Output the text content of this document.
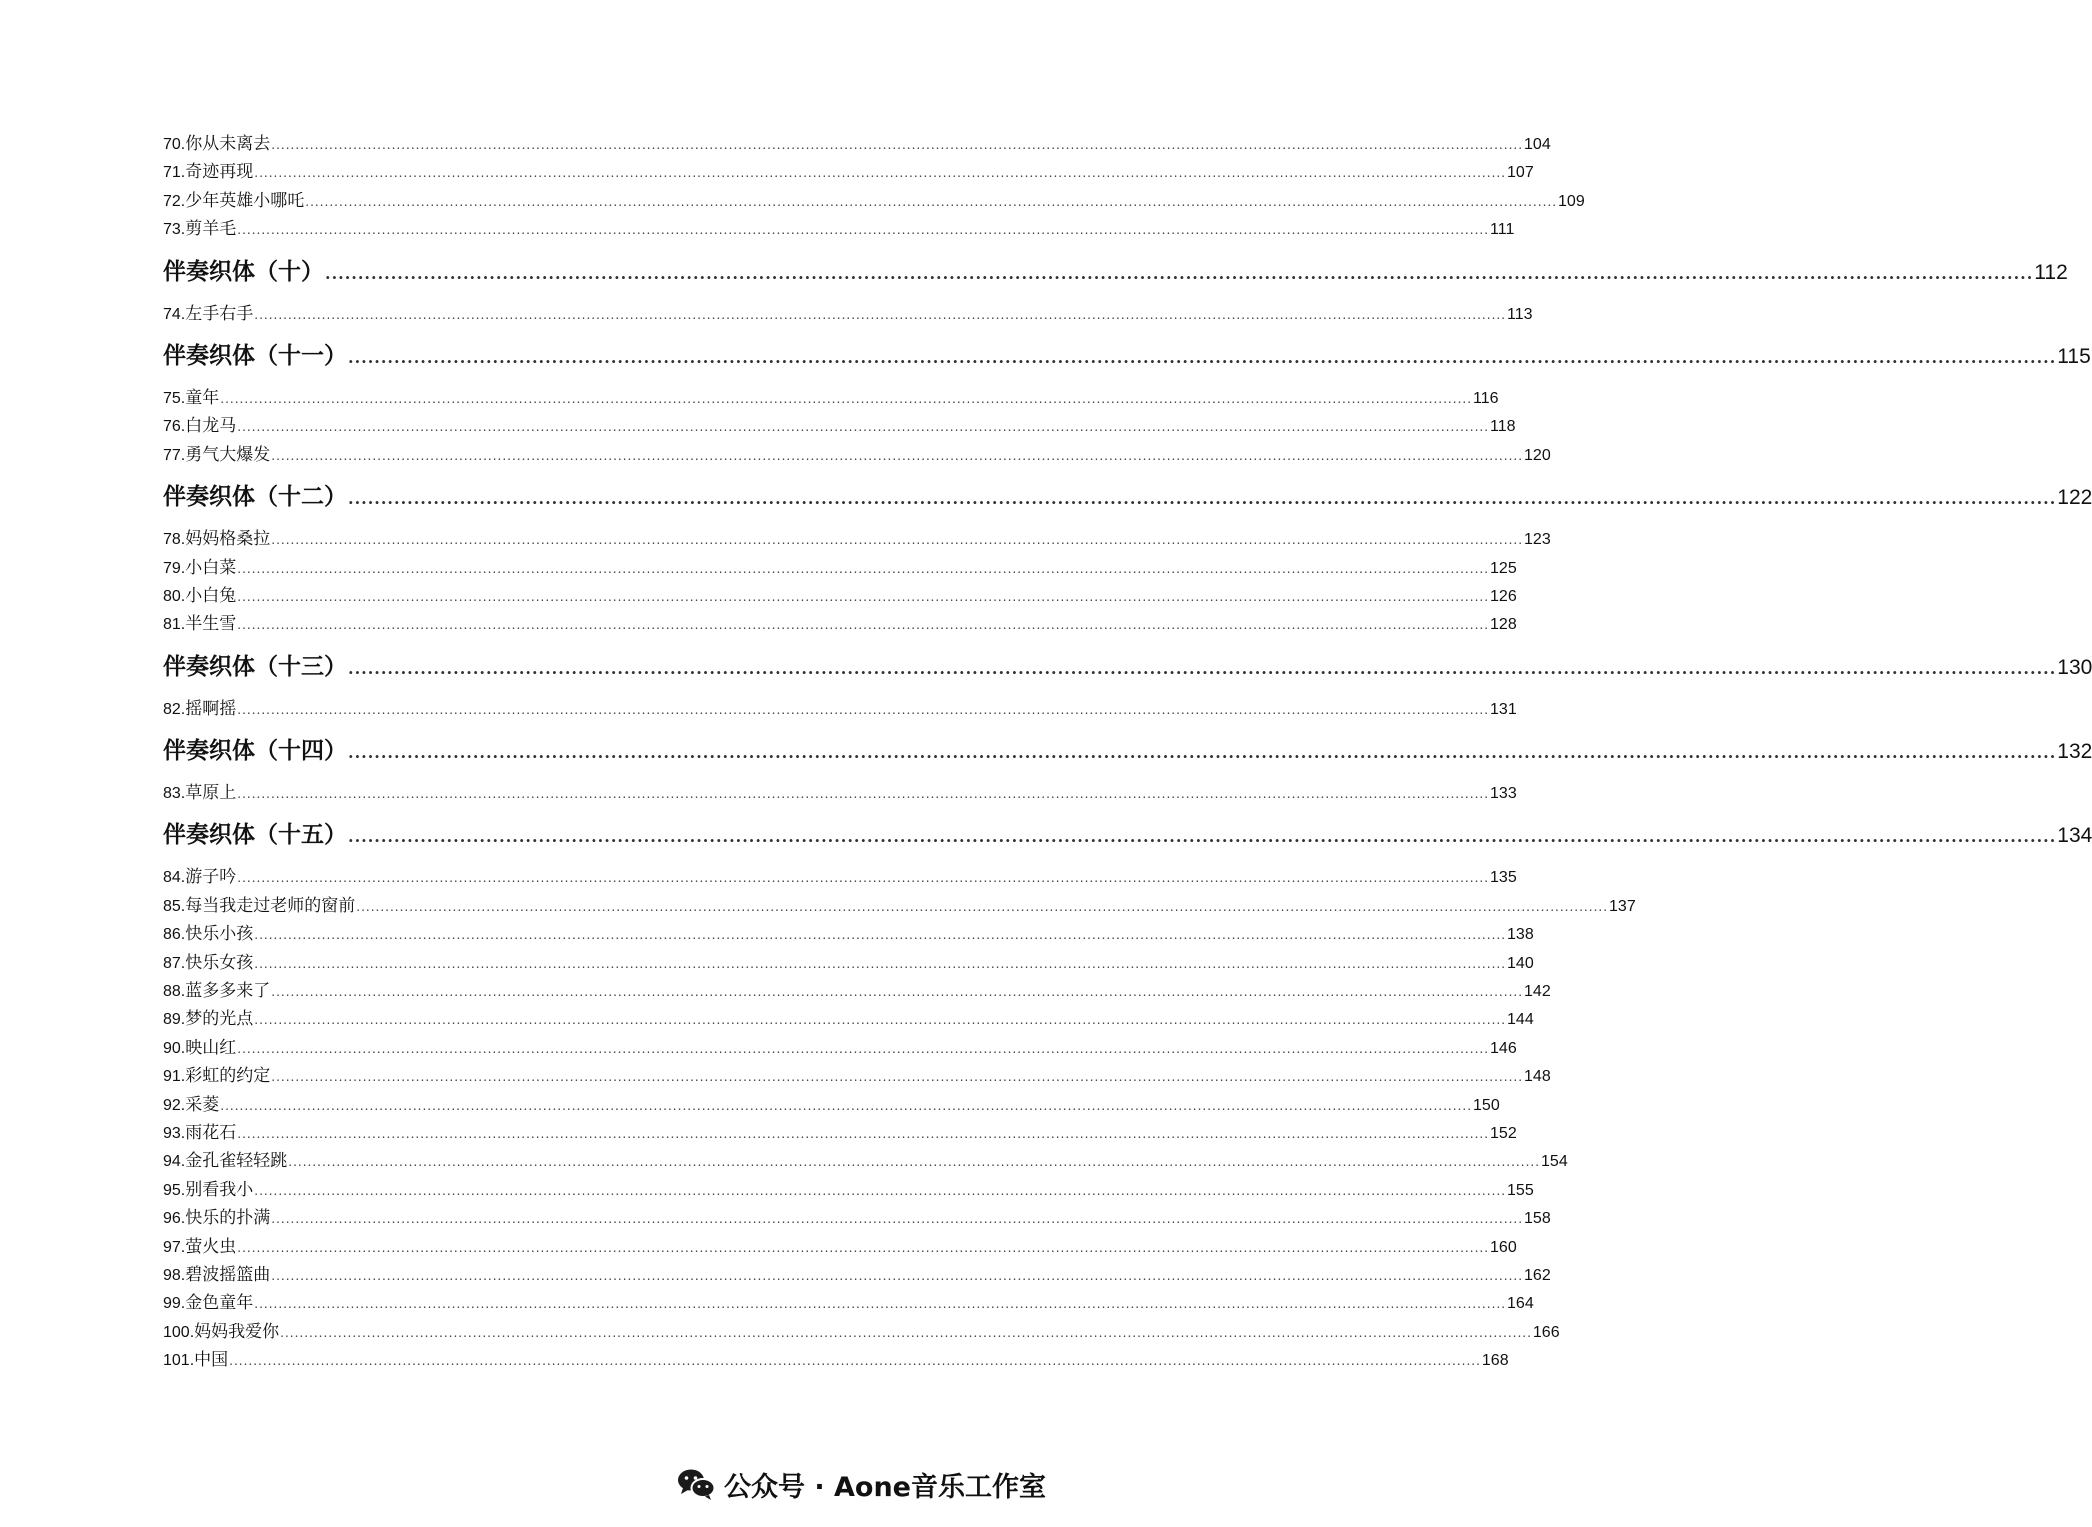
70.你从未离去 .................................................................................................................................................................................................................................................................... 104
71.奇迹再现 .................................................................................................................................................................................................................................................................... 107
72.少年英雄小哪吒 .................................................................................................................................................................................................................................................................... 109
73.剪羊毛 .................................................................................................................................................................................................................................................................... 111
伴奏织体（十） .................................................................................................................................................................................................................................................................... 112
74.左手右手 .................................................................................................................................................................................................................................................................... 113
伴奏织体（十一） .................................................................................................................................................................................................................................................................... 115
75.童年 .................................................................................................................................................................................................................................................................... 116
76.白龙马 .................................................................................................................................................................................................................................................................... 118
77.勇气大爆发 .................................................................................................................................................................................................................................................................... 120
伴奏织体（十二） .................................................................................................................................................................................................................................................................... 122
78.妈妈格桑拉 .................................................................................................................................................................................................................................................................... 123
79.小白菜 .................................................................................................................................................................................................................................................................... 125
80.小白兔 .................................................................................................................................................................................................................................................................... 126
81.半生雪 .................................................................................................................................................................................................................................................................... 128
伴奏织体（十三） .................................................................................................................................................................................................................................................................... 130
82.摇啊摇 .................................................................................................................................................................................................................................................................... 131
伴奏织体（十四） .................................................................................................................................................................................................................................................................... 132
83.草原上 .................................................................................................................................................................................................................................................................... 133
伴奏织体（十五） .................................................................................................................................................................................................................................................................... 134
84.游子吟 .................................................................................................................................................................................................................................................................... 135
85.每当我走过老师的窗前 .................................................................................................................................................................................................................................................................... 137
86.快乐小孩 .................................................................................................................................................................................................................................................................... 138
87.快乐女孩 .................................................................................................................................................................................................................................................................... 140
88.蓝多多来了 .................................................................................................................................................................................................................................................................... 142
89.梦的光点 .................................................................................................................................................................................................................................................................... 144
90.映山红 .................................................................................................................................................................................................................................................................... 146
91.彩虹的约定 .................................................................................................................................................................................................................................................................... 148
92.采菱 .................................................................................................................................................................................................................................................................... 150
93.雨花石 .................................................................................................................................................................................................................................................................... 152
94.金孔雀轻轻跳 .................................................................................................................................................................................................................................................................... 154
95.别看我小 .................................................................................................................................................................................................................................................................... 155
96.快乐的扑满 .................................................................................................................................................................................................................................................................... 158
97.萤火虫 .................................................................................................................................................................................................................................................................... 160
98.碧波摇篮曲 .................................................................................................................................................................................................................................................................... 162
99.金色童年 .................................................................................................................................................................................................................................................................... 164
100.妈妈我爱你 .................................................................................................................................................................................................................................................................... 166
101.中国 .................................................................................................................................................................................................................................................................... 168
公众号 · Aone音乐工作室
